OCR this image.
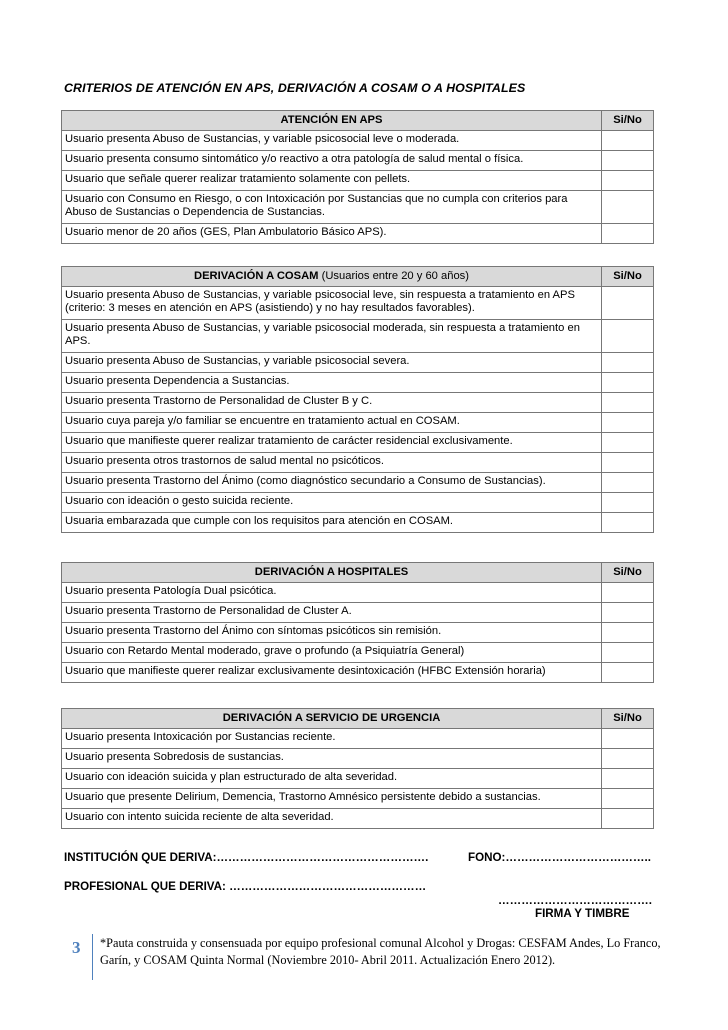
CRITERIOS DE ATENCIÓN EN APS, DERIVACIÓN A COSAM O A HOSPITALES
ATENCIÓN EN APS	Si/No
Usuario presenta Abuso de Sustancias, y variable psicosocial leve o moderada.	
Usuario presenta consumo sintomático y/o reactivo a otra patología de salud mental o física.	
Usuario que señale querer realizar tratamiento solamente con pellets.	
Usuario con Consumo en Riesgo, o con Intoxicación por Sustancias que no cumpla con criterios para Abuso de Sustancias o Dependencia de Sustancias.	
Usuario menor de 20 años (GES, Plan Ambulatorio Básico APS).	
DERIVACIÓN A COSAM (Usuarios entre 20 y 60 años)	Si/No
Usuario presenta Abuso de Sustancias, y variable psicosocial leve, sin respuesta a tratamiento en APS (criterio: 3 meses en atención en APS (asistiendo) y no hay resultados favorables).	
Usuario presenta Abuso de Sustancias, y variable psicosocial moderada, sin respuesta a tratamiento en APS.	
Usuario presenta Abuso de Sustancias, y variable psicosocial severa.	
Usuario presenta Dependencia a Sustancias.	
Usuario presenta Trastorno de Personalidad de Cluster B y C.	
Usuario cuya pareja y/o familiar se encuentre en tratamiento actual en COSAM.	
Usuario que manifieste querer realizar tratamiento de carácter residencial exclusivamente.	
Usuario presenta otros trastornos de salud mental no psicóticos.	
Usuario presenta Trastorno del Ánimo (como diagnóstico secundario a Consumo de Sustancias).	
Usuario con ideación o gesto suicida reciente.	
Usuaria embarazada que cumple con los requisitos para atención en COSAM.	
DERIVACIÓN A HOSPITALES	Si/No
Usuario presenta Patología Dual psicótica.	
Usuario presenta Trastorno de Personalidad de Cluster A.	
Usuario presenta Trastorno del Ánimo con síntomas psicóticos sin remisión.	
Usuario con Retardo Mental moderado, grave o profundo (a Psiquiatría General)	
Usuario que manifieste querer realizar exclusivamente desintoxicación (HFBC Extensión horaria)	
DERIVACIÓN A SERVICIO DE URGENCIA	Si/No
Usuario presenta Intoxicación por Sustancias reciente.	
Usuario presenta Sobredosis de sustancias.	
Usuario con ideación suicida y plan estructurado de alta severidad.	
Usuario que presente Delirium, Demencia, Trastorno Amnésico persistente debido a sustancias.	
Usuario con intento suicida reciente de alta severidad.	
INSTITUCIÓN QUE DERIVA:……………………………………………….	FONO:………………………………..
PROFESIONAL QUE DERIVA: ……………………………………………
………………………………….
FIRMA Y TIMBRE
3	*Pauta construida y consensuada por equipo profesional comunal Alcohol y Drogas: CESFAM Andes, Lo Franco, Garín, y COSAM Quinta Normal (Noviembre 2010- Abril 2011. Actualización Enero 2012).
